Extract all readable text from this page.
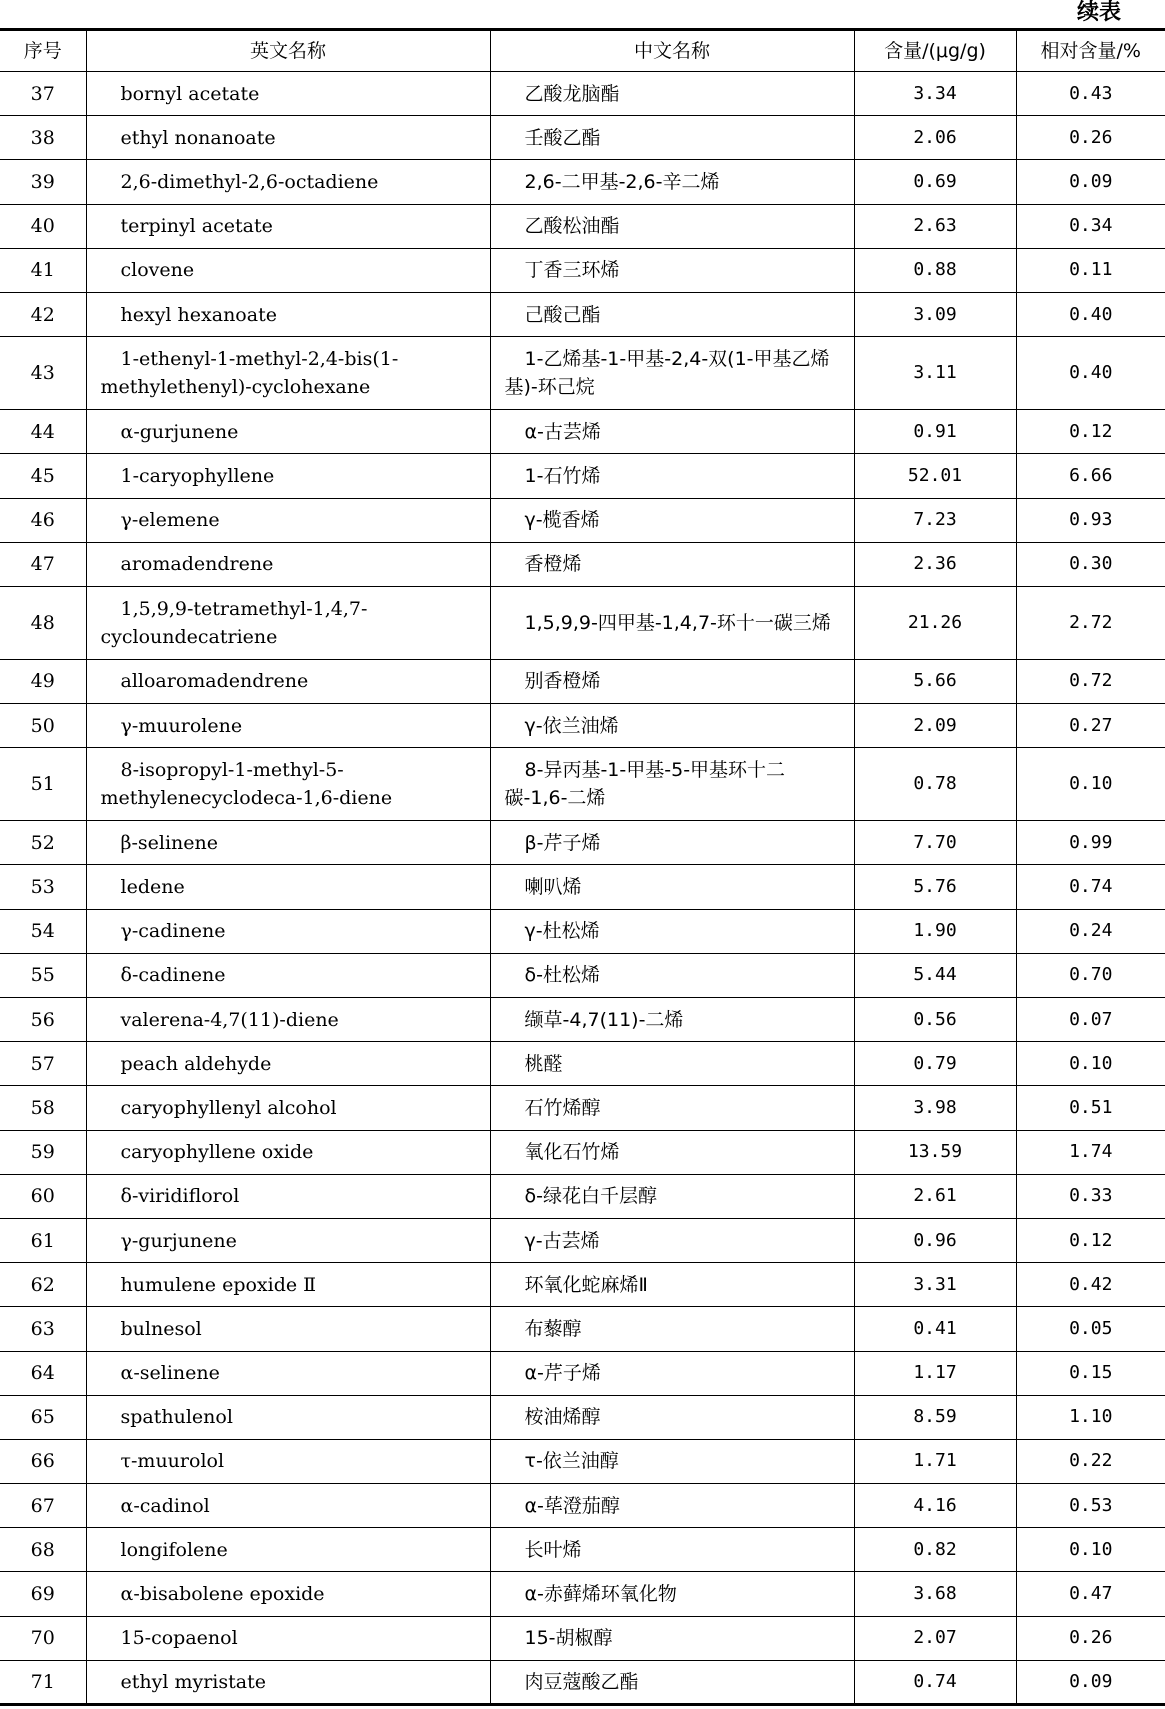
续表
序号	英文名称	中文名称	含量/(μg/g)	相对含量/%
37	bornyl acetate	乙酸龙脑酯	3.34	0.43
38	ethyl nonanoate	壬酸乙酯	2.06	0.26
39	2,6-dimethyl-2,6-octadiene	2,6-二甲基-2,6-辛二烯	0.69	0.09
40	terpinyl acetate	乙酸松油酯	2.63	0.34
41	clovene	丁香三环烯	0.88	0.11
42	hexyl hexanoate	己酸己酯	3.09	0.40
43	1-ethenyl-1-methyl-2,4-bis(1-methylethenyl)-cyclohexane	1-乙烯基-1-甲基-2,4-双(1-甲基乙烯基)-环己烷	3.11	0.40
44	α-gurjunene	α-古芸烯	0.91	0.12
45	1-caryophyllene	1-石竹烯	52.01	6.66
46	γ-elemene	γ-榄香烯	7.23	0.93
47	aromadendrene	香橙烯	2.36	0.30
48	1,5,9,9-tetramethyl-1,4,7-cycloundecatriene	1,5,9,9-四甲基-1,4,7-环十一碳三烯	21.26	2.72
49	alloaromadendrene	别香橙烯	5.66	0.72
50	γ-muurolene	γ-依兰油烯	2.09	0.27
51	8-isopropyl-1-methyl-5-methylenecyclodeca-1,6-diene	8-异丙基-1-甲基-5-甲基环十二碳-1,6-二烯	0.78	0.10
52	β-selinene	β-芹子烯	7.70	0.99
53	ledene	喇叭烯	5.76	0.74
54	γ-cadinene	γ-杜松烯	1.90	0.24
55	δ-cadinene	δ-杜松烯	5.44	0.70
56	valerena-4,7(11)-diene	缬草-4,7(11)-二烯	0.56	0.07
57	peach aldehyde	桃醛	0.79	0.10
58	caryophyllenyl alcohol	石竹烯醇	3.98	0.51
59	caryophyllene oxide	氧化石竹烯	13.59	1.74
60	δ-viridiflorol	δ-绿花白千层醇	2.61	0.33
61	γ-gurjunene	γ-古芸烯	0.96	0.12
62	humulene epoxide Ⅱ	环氧化蛇麻烯Ⅱ	3.31	0.42
63	bulnesol	布藜醇	0.41	0.05
64	α-selinene	α-芹子烯	1.17	0.15
65	spathulenol	桉油烯醇	8.59	1.10
66	τ-muurolol	τ-依兰油醇	1.71	0.22
67	α-cadinol	α-荜澄茄醇	4.16	0.53
68	longifolene	长叶烯	0.82	0.10
69	α-bisabolene epoxide	α-赤藓烯环氧化物	3.68	0.47
70	15-copaenol	15-胡椒醇	2.07	0.26
71	ethyl myristate	肉豆蔻酸乙酯	0.74	0.09
